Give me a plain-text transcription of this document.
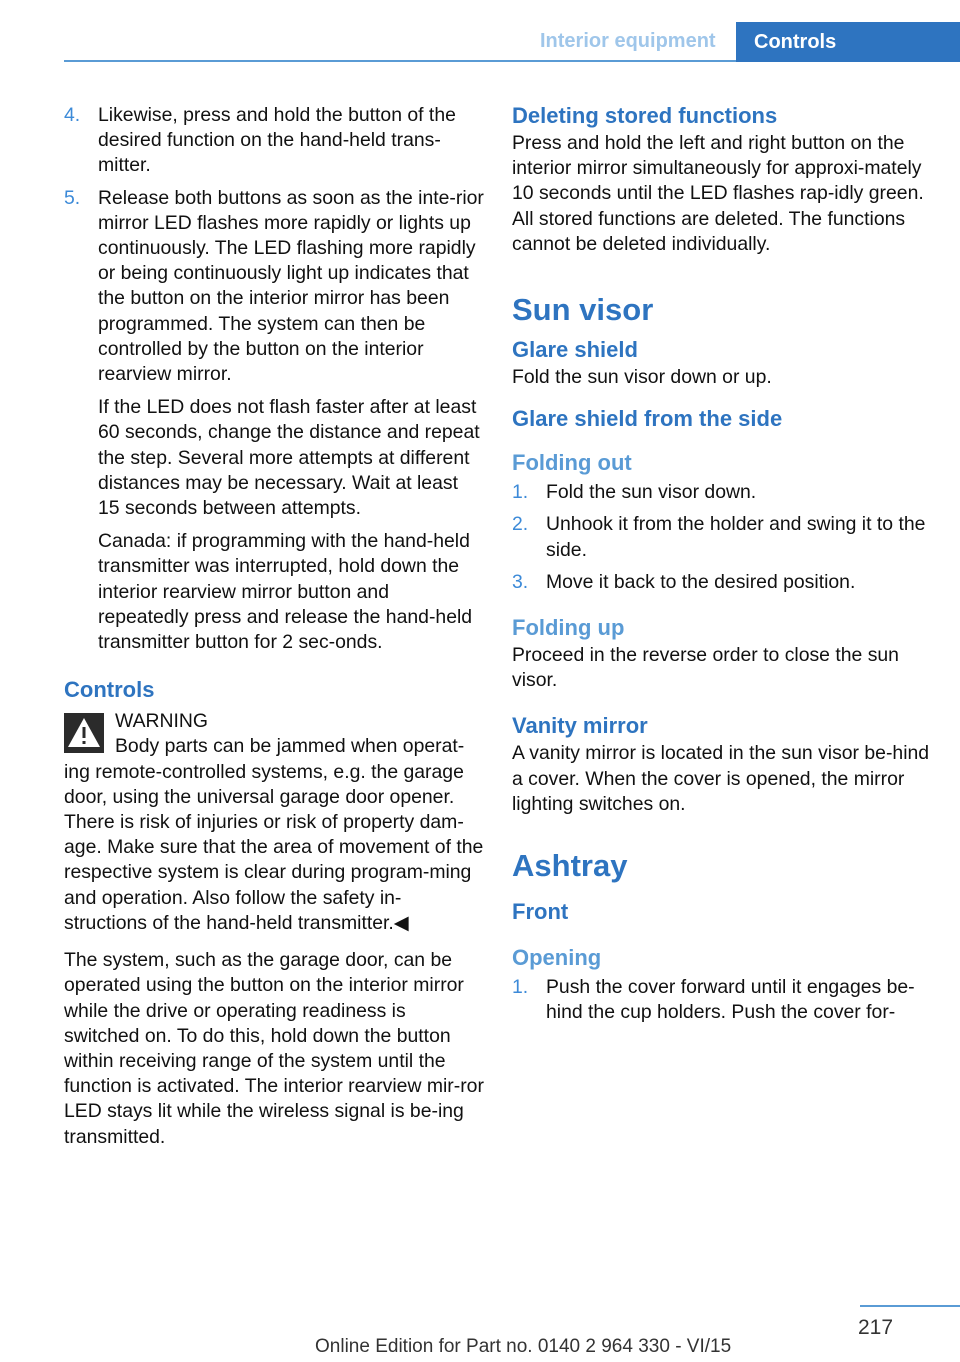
Interior equipment	Controls
4. Likewise, press and hold the button of the desired function on the hand-held trans-mitter.

5. Release both buttons as soon as the inte-rior mirror LED flashes more rapidly or lights up continuously. The LED flashing more rapidly or being continuously light up indicates that the button on the interior mirror has been programmed. The system can then be controlled by the button on the interior rearview mirror.

If the LED does not flash faster after at least 60 seconds, change the distance and repeat the step. Several more attempts at different distances may be necessary. Wait at least 15 seconds between attempts.

Canada: if programming with the hand-held transmitter was interrupted, hold down the interior rearview mirror button and repeatedly press and release the hand-held transmitter button for 2 sec-onds.

Controls
WARNING
Body parts can be jammed when operat-
ing remote-controlled systems, e.g. the garage door, using the universal garage door opener. There is risk of injuries or risk of property dam-age. Make sure that the area of movement of the respective system is clear during program-ming and operation. Also follow the safety in-structions of the hand-held transmitter.◀

The system, such as the garage door, can be operated using the button on the interior mirror while the drive or operating readiness is switched on. To do this, hold down the button within receiving range of the system until the function is activated. The interior rearview mir-ror LED stays lit while the wireless signal is be-ing transmitted.

Deleting stored functions

Press and hold the left and right button on the interior mirror simultaneously for approxi-mately 10 seconds until the LED flashes rap-idly green. All stored functions are deleted. The functions cannot be deleted individually.

Sun visor
Glare shield

Fold the sun visor down or up.

Glare shield from the side
Folding out
1. Fold the sun visor down.

2. Unhook it from the holder and swing it to the side.

3. Move it back to the desired position.

Folding up

Proceed in the reverse order to close the sun visor.

Vanity mirror

A vanity mirror is located in the sun visor be-hind a cover. When the cover is opened, the mirror lighting switches on.

Ashtray
Front
Opening
1. Push the cover forward until it engages be-hind the cup holders. Push the cover for-

217
Online Edition for Part no. 0140 2 964 330 - VI/15
